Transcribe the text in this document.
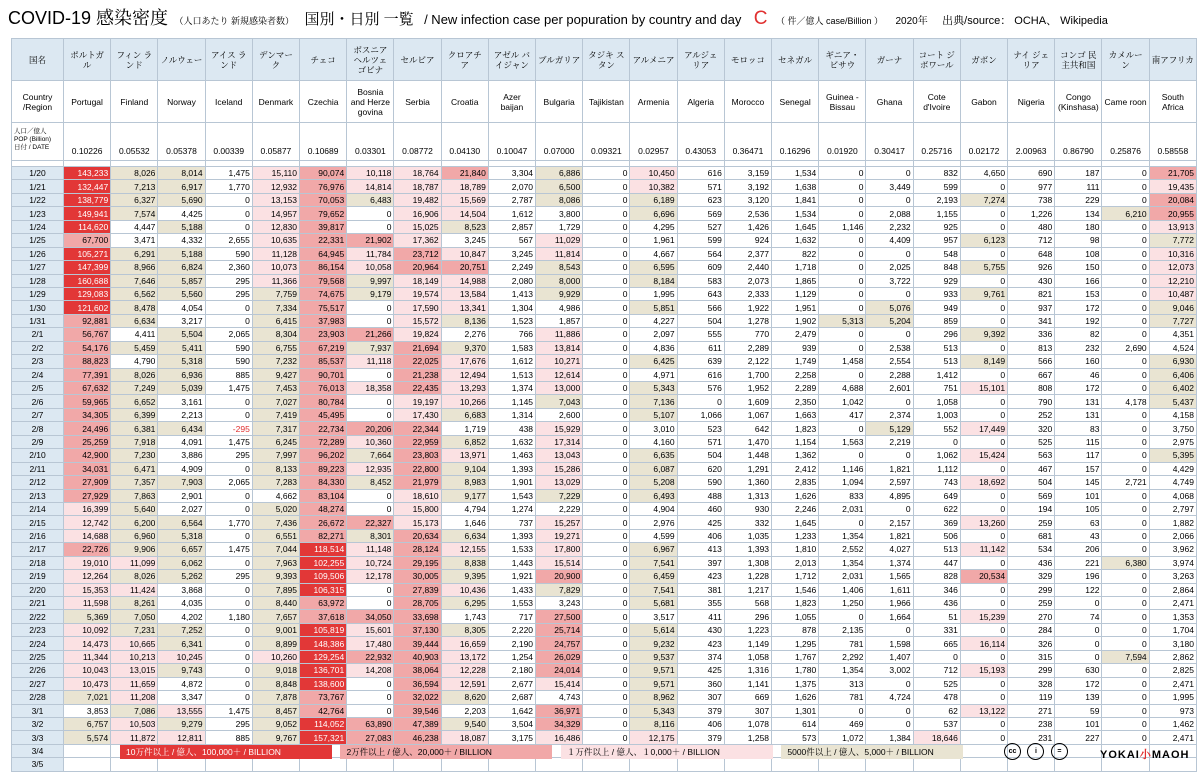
COVID-19 感染密度 （人口あたり 新規感染者数） 国別・日別 一覧 / New infection case per popuration by country and day C （ 件／億人 case/Billion ） 2020年 出典/source： OCHA、 Wikipedia
国名	ポルトガル	フィン ランド	ノルウェー	アイス ランド	デンマーク	チェコ	ボスニア ヘルツェ ゴビナ	セルビア	クロアチア	アゼル バイジャン	ブルガリア	タジキ スタン	アルメニア	アルジェ リア	モロッコ	セネガル	ギニア・ ビサウ	ガーナ	コート ジボワール	ガボン	ナイ ジェリア	コンゴ 民主共和国	カメルーン	南アフリカ
Country /Region	Portugal	Finland	Norway	Iceland	Denmark	Czechia	Bosnia and Herze govina	Serbia	Croatia	Azer baijan	Bulgaria	Tajikistan	Armenia	Algeria	Morocco	Senegal	Guinea -Bissau	Ghana	Cote d'Ivoire	Gabon	Nigeria	Congo (Kinshasa)	Came roon	South Africa

人口／億人 POP (Billion)
日付 / DATE	0.10226	0.05532	0.05378	0.00339	0.05877	0.10689	0.03301	0.08772	0.04130	0.10047	0.07000	0.09321	0.02957	0.43053	0.36471	0.16296	0.01920	0.30417	0.25716	0.02172	2.00963	0.86790	0.25876	0.58558

1/20	143,233	8,026	8,014	1,475	15,110	90,074	10,118	18,764	21,840	3,304	6,886	0	10,450	616	3,159	1,534	0	0	832	4,650	690	187	0	21,705
1/21	132,447	7,213	6,917	1,770	12,932	76,976	14,814	18,787	18,789	2,070	6,500	0	10,382	571	3,192	1,638	0	3,449	599	0	977	111	0	19,435
1/22	138,779	6,327	5,690	0	13,153	70,053	6,483	19,482	15,569	2,787	8,086	0	6,189	623	3,120	1,841	0	0	2,193	7,274	738	229	0	20,084
1/23	149,941	7,574	4,425	0	14,957	79,652	0	16,906	14,504	1,612	3,800	0	6,696	569	2,536	1,534	0	2,088	1,155	0	1,226	134	6,210	20,955
1/24	114,620	4,447	5,188	0	12,830	39,817	0	15,025	8,523	2,857	1,729	0	4,295	527	1,426	1,645	1,146	2,232	925	0	480	180	0	13,913
1/25	67,700	3,471	4,332	2,655	10,635	22,331	21,902	17,362	3,245	567	11,029	0	1,961	599	924	1,632	0	4,409	957	6,123	712	98	0	7,772
1/26	105,271	6,291	5,188	590	11,128	64,945	11,784	23,712	10,847	3,245	11,814	0	4,667	564	2,377	822	0	0	548	0	648	108	0	10,316
1/27	147,399	8,966	6,824	2,360	10,073	86,154	10,058	20,964	20,751	2,249	8,543	0	6,595	609	2,440	1,718	0	2,025	848	5,755	926	150	0	12,073
1/28	160,688	7,646	5,857	295	11,366	79,568	9,997	18,149	14,988	2,080	8,000	0	8,184	583	2,073	1,865	0	3,722	929	0	430	166	0	12,210
1/29	129,083	6,562	5,560	295	7,759	74,675	9,179	19,574	13,584	1,413	9,929	0	1,995	643	2,333	1,129	0	0	933	9,761	821	153	0	10,487
1/30	121,602	8,478	4,054	0	7,334	75,517	0	17,590	13,341	1,304	4,986	0	5,851	566	1,922	1,951	0	5,076	949	0	937	172	0	9,046
1/31	92,881	6,634	3,217	0	6,415	37,983	0	15,572	8,136	1,523	1,857	0	4,227	504	1,278	1,902	5,313	5,204	859	0	341	192	0	7,727
2/1	56,767	4,411	5,504	2,065	8,304	23,903	21,266	19,824	2,276	766	11,886	0	2,097	555	770	2,479	0	0	296	9,392	336	82	0	4,351
2/2	54,176	5,459	5,411	590	6,755	67,219	7,937	21,694	9,370	1,583	13,814	0	4,836	611	2,289	939	0	2,538	513	0	813	232	2,690	4,524
2/3	88,823	4,790	5,318	590	7,232	85,537	11,118	22,025	17,676	1,612	10,271	0	6,425	639	2,122	1,749	1,458	2,554	513	8,149	566	160	0	6,930
2/4	77,391	8,026	6,936	885	9,427	90,701	0	21,238	12,494	1,513	12,614	0	4,971	616	1,700	2,258	0	2,288	1,412	0	667	46	0	6,406
2/5	67,632	7,249	5,039	1,475	7,453	76,013	18,358	22,435	13,293	1,374	13,000	0	5,343	576	1,952	2,289	4,688	2,601	751	15,101	808	172	0	6,402
2/6	59,965	6,652	3,161	0	7,027	80,784	0	19,197	10,266	1,145	7,043	0	7,136	0	1,609	2,350	1,042	0	1,058	0	790	131	4,178	5,437
2/7	34,305	6,399	2,213	0	7,419	45,495	0	17,430	6,683	1,314	2,600	0	5,107	1,066	1,067	1,663	417	2,374	1,003	0	252	131	0	4,158
2/8	24,496	6,381	6,434	-295	7,317	22,734	20,206	22,344	1,719	438	15,929	0	3,010	523	642	1,823	0	5,129	552	17,449	320	83	0	3,750
2/9	25,259	7,918	4,091	1,475	6,245	72,289	10,360	22,959	6,852	1,632	17,314	0	4,160	571	1,470	1,154	1,563	2,219	0	0	525	115	0	2,975
2/10	42,900	7,230	3,886	295	7,997	96,202	7,664	23,803	13,971	1,463	13,043	0	6,635	504	1,448	1,362	0	0	1,062	15,424	563	117	0	5,395
2/11	34,031	6,471	4,909	0	8,133	89,223	12,935	22,800	9,104	1,393	15,286	0	6,087	620	1,291	2,412	1,146	1,821	1,112	0	467	157	0	4,429
2/12	27,909	7,357	7,903	2,065	7,283	84,330	8,452	21,979	8,983	1,901	13,029	0	5,208	590	1,360	2,835	1,094	2,597	743	18,692	504	145	2,721	4,749
2/13	27,929	7,863	2,901	0	4,662	83,104	0	18,610	9,177	1,543	7,229	0	6,493	488	1,313	1,626	833	4,895	649	0	569	101	0	4,068
2/14	16,399	5,640	2,027	0	5,020	48,274	0	15,800	4,794	1,274	2,229	0	4,904	460	930	2,246	2,031	0	622	0	194	105	0	2,797
2/15	12,742	6,200	6,564	1,770	7,436	26,672	22,327	15,173	1,646	737	15,257	0	2,976	425	332	1,645	0	2,157	369	13,260	259	63	0	1,882
2/16	14,688	6,960	5,318	0	6,551	82,271	8,301	20,634	6,634	1,393	19,271	0	4,599	406	1,035	1,233	1,354	1,821	506	0	681	43	0	2,066
2/17	22,726	9,906	6,657	1,475	7,044	118,514	11,148	28,124	12,155	1,533	17,800	0	6,967	413	1,393	1,810	2,552	4,027	513	11,142	534	206	0	3,962
2/18	19,010	11,099	6,062	0	7,963	102,255	10,724	29,195	8,838	1,443	15,514	0	7,541	397	1,308	2,013	1,354	1,374	447	0	436	221	6,380	3,974
2/19	12,264	8,026	5,262	295	9,393	109,506	12,178	30,005	9,395	1,921	20,900	0	6,459	423	1,228	1,712	2,031	1,565	828	20,534	329	196	0	3,263
2/20	15,353	11,424	3,868	0	7,895	106,315	0	27,839	10,436	1,433	7,829	0	7,541	381	1,217	1,546	1,406	1,611	346	0	299	122	0	2,864
2/21	11,598	8,261	4,035	0	8,440	63,972	0	28,705	6,295	1,553	3,243	0	5,681	355	568	1,823	1,250	1,966	436	0	259	0	0	2,471
2/22	5,369	7,050	4,202	1,180	7,657	37,618	34,050	33,698	1,743	717	27,500	0	3,517	411	296	1,055	0	1,664	51	15,239	270	74	0	1,353
2/23	10,092	7,231	7,252	0	9,001	105,819	15,601	37,130	8,305	2,220	25,714	0	5,614	430	1,223	878	2,135	0	331	0	284	0	0	1,704
2/24	14,473	10,665	6,341	0	8,899	148,386	17,480	39,444	16,659	2,190	24,757	0	9,232	423	1,149	1,295	781	1,598	665	16,114	326	0	0	3,180
2/25	11,344	10,213	10,245	0	10,260	129,254	22,932	40,903	13,172	1,254	26,029	0	9,537	374	1,058	1,767	2,292	1,407	0	0	315	0	7,594	2,862
2/26	10,043	13,015	9,743	0	9,018	136,701	14,208	38,064	12,228	2,180	24,014	0	9,571	425	1,316	1,780	1,354	3,002	712	15,193	299	630	0	2,825
2/27	10,473	11,659	4,872	0	8,848	138,600	0	36,594	12,591	2,677	15,414	0	9,571	360	1,141	1,375	313	0	525	0	328	172	0	2,471
2/28	7,021	11,208	3,347	0	7,878	73,767	0	32,022	8,620	2,687	4,743	0	8,962	307	669	1,626	781	4,724	478	0	119	139	0	1,995
3/1	3,853	7,086	13,555	1,475	8,457	42,764	0	39,546	2,203	1,642	36,971	0	5,343	379	307	1,301	0	0	62	13,122	271	59	0	973
3/2	6,757	10,503	9,279	295	9,052	114,052	63,890	47,389	9,540	3,504	34,329	0	8,116	406	1,078	614	469	0	537	0	238	101	0	1,462
3/3	5,574	11,872	12,811	885	9,767	157,321	27,083	46,238	18,087	3,175	16,486	0	12,175	379	1,258	573	1,072	1,384	18,646	0	231	227	0	2,471
3/4																								
3/5																								
10万件以上 / 億人、100,000＋ / BILLION	2万件以上 / 億人、20,000＋ / BILLION	１万件以上 / 億人、１0,000＋ / BILLION	5000件以上 / 億人、5,000＋ / BILLION	cc	i	=	YOKAI小MAOH
